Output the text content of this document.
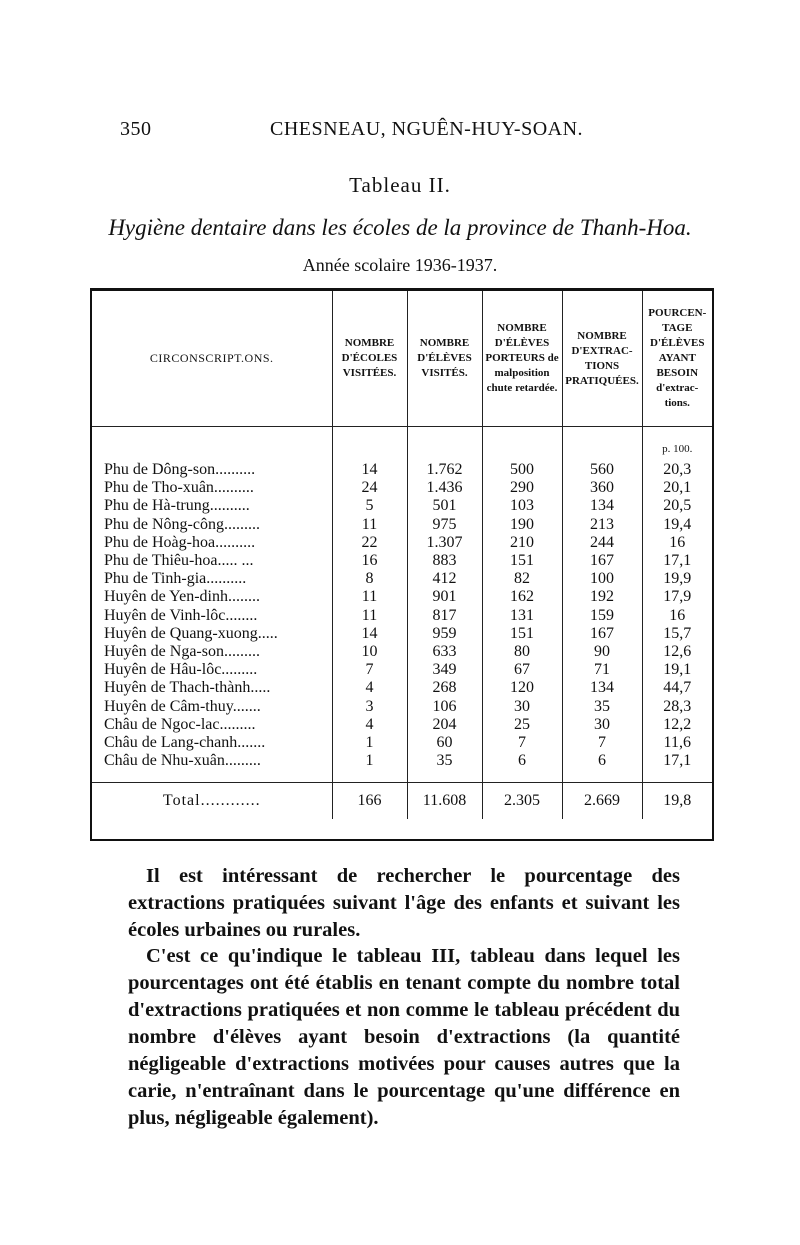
350	CHESNEAU, NGUÊN-HUY-SOAN.
Tableau II.
Hygiène dentaire dans les écoles de la province de Thanh-Hoa.
Année scolaire 1936-1937.
CIRCONSCRIPT.ONS.	NOMBRE D'ÉCOLES VISITÉES.	NOMBRE D'ÉLÈVES VISITÉS.	NOMBRE D'ÉLÈVES PORTEURS de malposition chute retardée.	NOMBRE D'EXTRAC-TIONS PRATIQUÉES.	POURCEN-TAGE D'ÉLÈVES AYANT BESOIN d'extrac-tions.

					p. 100.
Phu de Dông-son..........	14	1.762	500	560	20,3
Phu de Tho-xuân..........	24	1.436	290	360	20,1
Phu de Hà-trung..........	5	501	103	134	20,5
Phu de Nông-công.........	11	975	190	213	19,4
Phu de Hoàg-hoa..........	22	1.307	210	244	16
Phu de Thiêu-hoa..... ...	16	883	151	167	17,1
Phu de Tinh-gia..........	8	412	82	100	19,9
Huyên de Yen-dinh........	11	901	162	192	17,9
Huyên de Vinh-lôc........	11	817	131	159	16
Huyên de Quang-xuong.....	14	959	151	167	15,7
Huyên de Nga-son.........	10	633	80	90	12,6
Huyên de Hâu-lôc.........	7	349	67	71	19,1
Huyên de Thach-thành.....	4	268	120	134	44,7
Huyên de Câm-thuy.......	3	106	30	35	28,3
Châu de Ngoc-lac.........	4	204	25	30	12,2
Châu de Lang-chanh.......	1	60	7	7	11,6
Châu de Nhu-xuân.........	1	35	6	6	17,1

Total............	166	11.608	2.305	2.669	19,8
Il est intéressant de rechercher le pourcentage des extractions pratiquées suivant l'âge des enfants et suivant les écoles urbaines ou rurales.
C'est ce qu'indique le tableau III, tableau dans lequel les pourcentages ont été établis en tenant compte du nombre total d'extractions pratiquées et non comme le tableau précédent du nombre d'élèves ayant besoin d'extractions (la quantité négligeable d'extractions motivées pour causes autres que la carie, n'entraînant dans le pourcentage qu'une différence en plus, négligeable également).
